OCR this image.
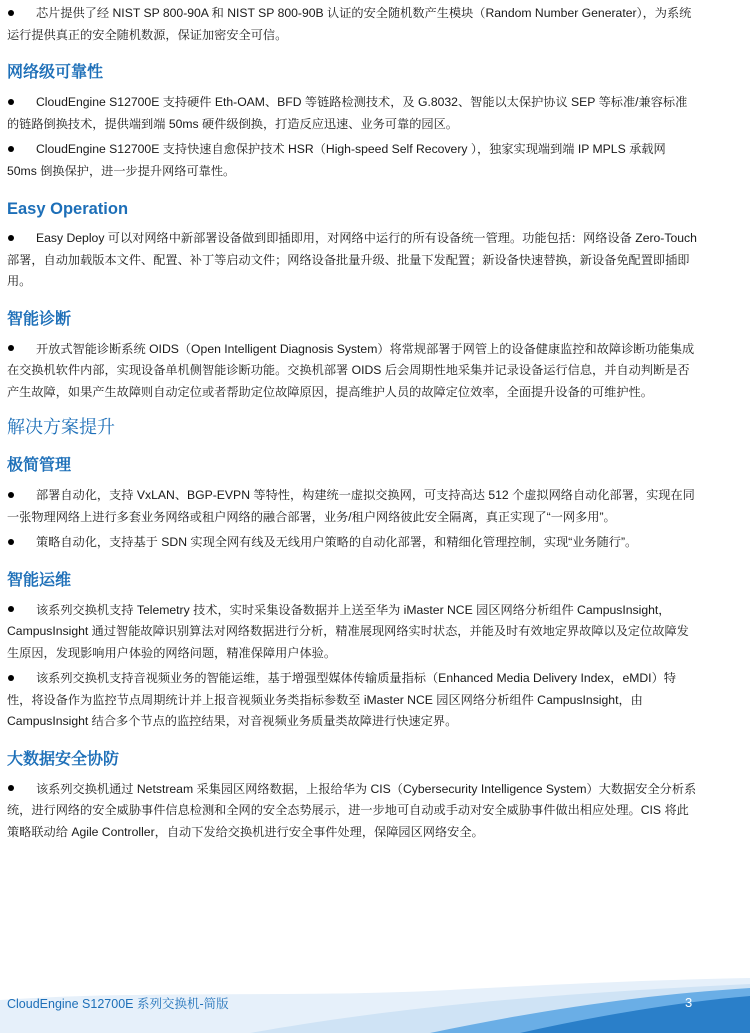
芯片提供了经 NIST SP 800-90A 和 NIST SP 800-90B 认证的安全随机数产生模块（Random Number Generater），为系统运行提供真正的安全随机数源，保证加密安全可信。

网络级可靠性

CloudEngine S12700E 支持硬件 Eth-OAM、BFD 等链路检测技术，及 G.8032、智能以太保护协议 SEP 等标准/兼容标准的链路倒换技术，提供端到端 50ms 硬件级倒换，打造反应迅速、业务可靠的园区。

CloudEngine S12700E 支持快速自愈保护技术 HSR（High-speed Self Recovery ），独家实现端到端 IP MPLS 承载网 50ms 倒换保护，进一步提升网络可靠性。

Easy Operation

Easy Deploy 可以对网络中新部署设备做到即插即用，对网络中运行的所有设备统一管理。功能包括：网络设备 Zero-Touch 部署，自动加载版本文件、配置、补丁等启动文件；网络设备批量升级、批量下发配置；新设备快速替换，新设备免配置即插即用。

智能诊断

开放式智能诊断系统 OIDS（Open Intelligent Diagnosis System）将常规部署于网管上的设备健康监控和故障诊断功能集成在交换机软件内部，实现设备单机侧智能诊断功能。交换机部署 OIDS 后会周期性地采集并记录设备运行信息，并自动判断是否产生故障，如果产生故障则自动定位或者帮助定位故障原因，提高维护人员的故障定位效率，全面提升设备的可维护性。

解决方案提升
极简管理

部署自动化，支持 VxLAN、BGP-EVPN 等特性，构建统一虚拟交换网，可支持高达 512 个虚拟网络自动化部署，实现在同一张物理网络上进行多套业务网络或租户网络的融合部署，业务/租户网络彼此安全隔离，真正实现了“一网多用”。

策略自动化，支持基于 SDN 实现全网有线及无线用户策略的自动化部署，和精细化管理控制，实现“业务随行”。

智能运维

该系列交换机支持 Telemetry 技术，实时采集设备数据并上送至华为 iMaster NCE 园区网络分析组件 CampusInsight，CampusInsight 通过智能故障识别算法对网络数据进行分析，精准展现网络实时状态，并能及时有效地定界故障以及定位故障发生原因，发现影响用户体验的网络问题，精准保障用户体验。

该系列交换机支持音视频业务的智能运维，基于增强型媒体传输质量指标（Enhanced Media Delivery Index，eMDI）特性，将设备作为监控节点周期统计并上报音视频业务类指标参数至 iMaster NCE 园区网络分析组件 CampusInsight，由 CampusInsight 结合多个节点的监控结果，对音视频业务质量类故障进行快速定界。

大数据安全协防

该系列交换机通过 Netstream 采集园区网络数据，上报给华为 CIS（Cybersecurity Intelligence System）大数据安全分析系统，进行网络的安全威胁事件信息检测和全网的安全态势展示，进一步地可自动或手动对安全威胁事件做出相应处理。CIS 将此策略联动给 Agile Controller，自动下发给交换机进行安全事件处理，保障园区网络安全。

CloudEngine S12700E 系列交换机-简版	3
